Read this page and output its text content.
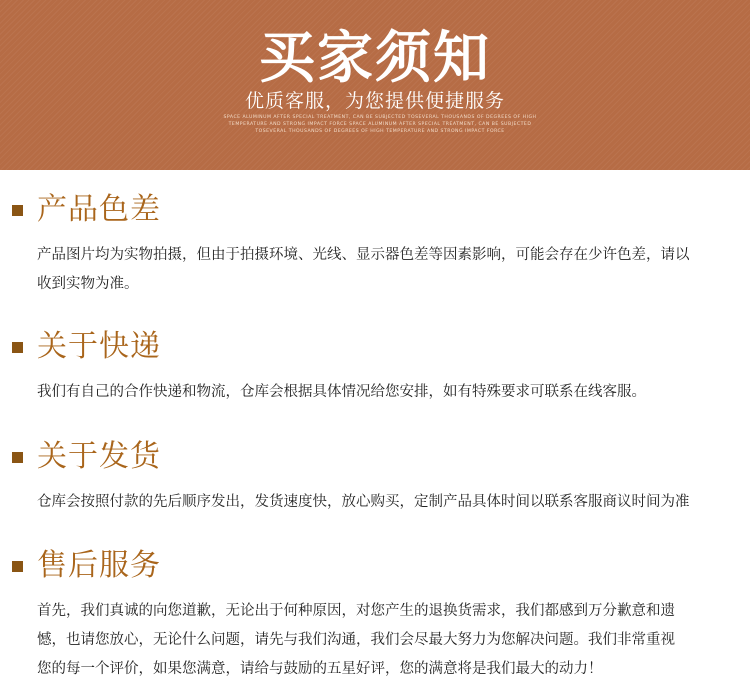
买家须知
优质客服，为您提供便捷服务
SPACE ALUMINUM AFTER SPECIAL TREATMENT, CAN BE SUBJECTED TOSEVERAL THOUSANDS OF DEGREES OF HIGH
TEMPERATURE AND STRONG IMPACT FORCE SPACE ALUMINUM AFTER SPECIAL TREATMENT, CAN BE SUBJECTED
TOSEVERAL THOUSANDS OF DEGREES OF HIGH TEMPERATURE AND STRONG IMPACT FORCE
产品色差
产品图片均为实物拍摄，但由于拍摄环境、光线、显示器色差等因素影响，可能会存在少许色差，请以
收到实物为准。
关于快递
我们有自己的合作快递和物流，仓库会根据具体情况给您安排，如有特殊要求可联系在线客服。
关于发货
仓库会按照付款的先后顺序发出，发货速度快，放心购买，定制产品具体时间以联系客服商议时间为准
售后服务
首先，我们真诚的向您道歉，无论出于何种原因，对您产生的退换货需求，我们都感到万分歉意和遗
憾，也请您放心，无论什么问题，请先与我们沟通，我们会尽最大努力为您解决问题。我们非常重视
您的每一个评价，如果您满意，请给与鼓励的五星好评，您的满意将是我们最大的动力！
